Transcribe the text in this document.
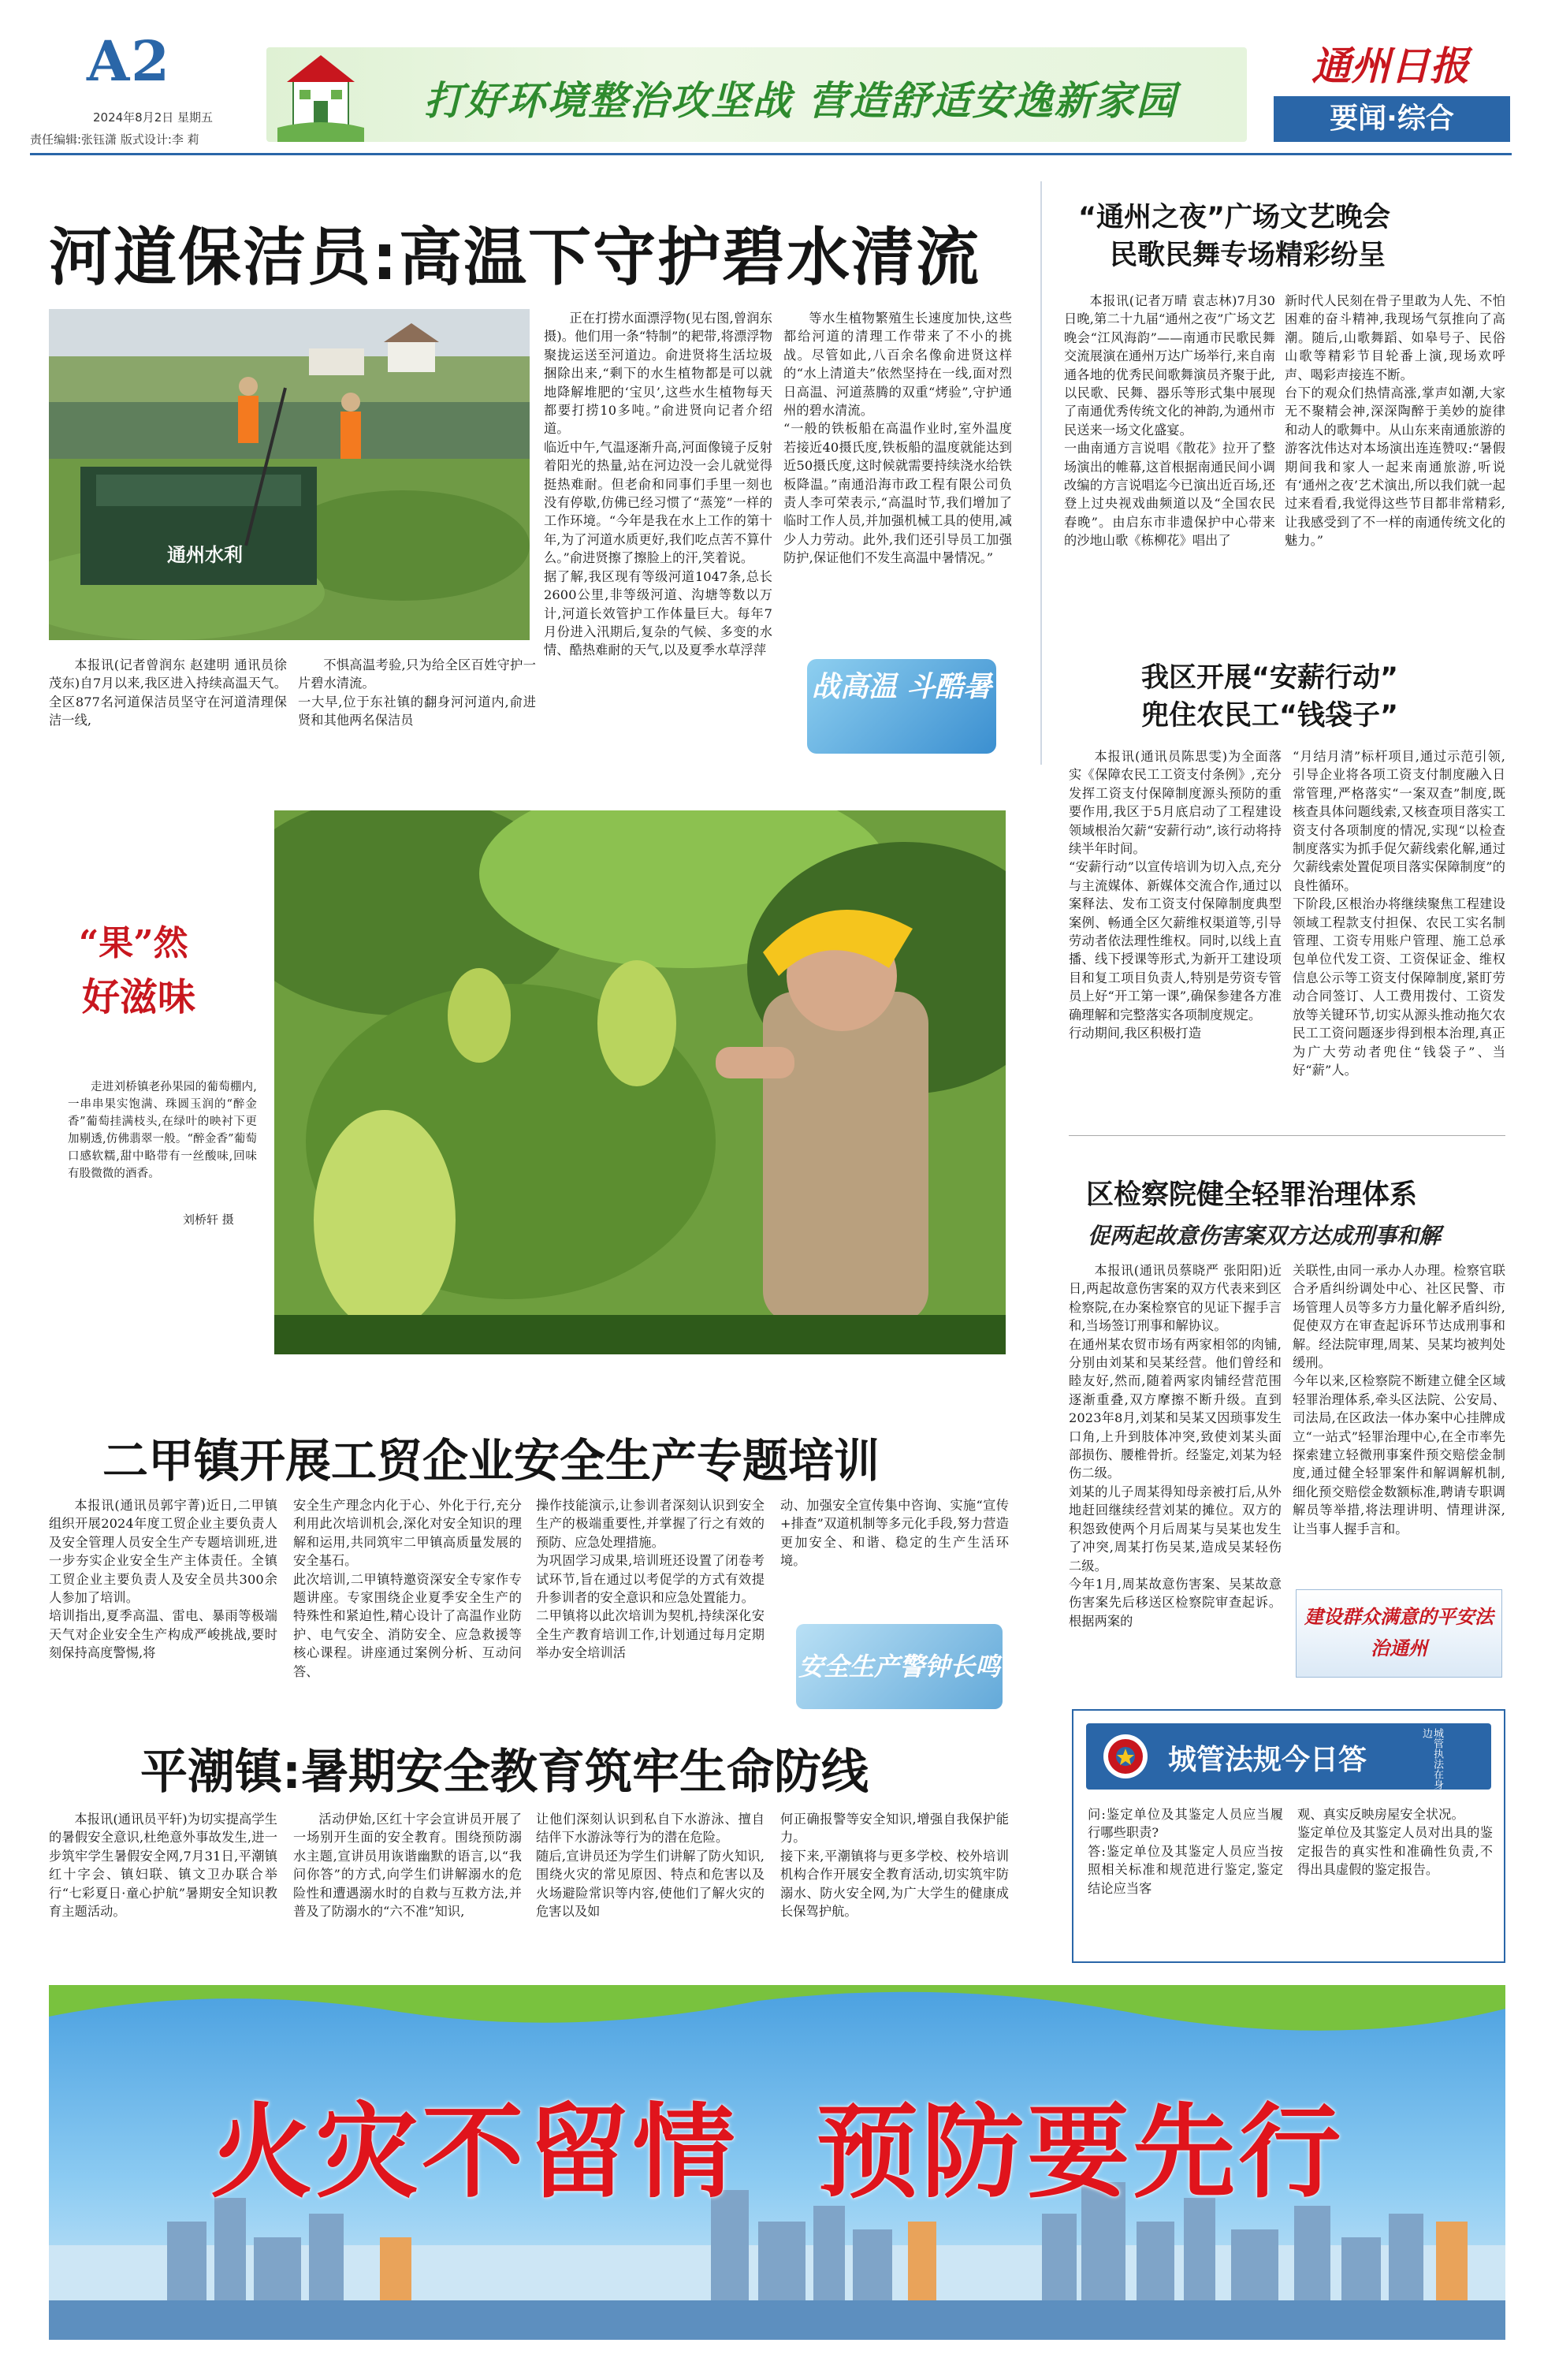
A2
2024年8月2日 星期五
责任编辑:张钰潇 版式设计:李 莉
打好环境整治攻坚战 营造舒适安逸新家园
通州日报
要闻·综合
河道保洁员:高温下守护碧水清流
通州水利
本报讯(记者曾润东 赵建明 通讯员徐茂东)自7月以来,我区进入持续高温天气。全区877名河道保洁员坚守在河道清理保洁一线,
不惧高温考验,只为给全区百姓守护一片碧水清流。
一大早,位于东社镇的翻身河河道内,俞进贤和其他两名保洁员
正在打捞水面漂浮物(见右图,曾润东 摄)。他们用一条“特制”的耙带,将漂浮物聚拢运送至河道边。俞进贤将生活垃圾捆除出来,“剩下的水生植物都是可以就地降解堆肥的‘宝贝’,这些水生植物每天都要打捞10多吨。”俞进贤向记者介绍道。
临近中午,气温逐渐升高,河面像镜子反射着阳光的热量,站在河边没一会儿就觉得挺热难耐。但老俞和同事们手里一刻也没有停歇,仿佛已经习惯了“蒸笼”一样的工作环境。“今年是我在水上工作的第十年,为了河道水质更好,我们吃点苦不算什么。”俞进贤擦了擦脸上的汗,笑着说。
据了解,我区现有等级河道1047条,总长2600公里,非等级河道、沟塘等数以万计,河道长效管护工作体量巨大。每年7月份进入汛期后,复杂的气候、多变的水情、酷热难耐的天气,以及夏季水草浮萍
等水生植物繁殖生长速度加快,这些都给河道的清理工作带来了不小的挑战。尽管如此,八百余名像俞进贤这样的“水上清道夫”依然坚持在一线,面对烈日高温、河道蒸腾的双重“烤验”,守护通州的碧水清流。
“一般的铁板船在高温作业时,室外温度若接近40摄氏度,铁板船的温度就能达到近50摄氏度,这时候就需要持续浇水给铁板降温。”南通沿海市政工程有限公司负责人李可荣表示,“高温时节,我们增加了临时工作人员,并加强机械工具的使用,减少人力劳动。此外,我们还引导员工加强防护,保证他们不发生高温中暑情况。”
战高温 斗酷暑
“通州之夜”广场文艺晚会
民歌民舞专场精彩纷呈
本报讯(记者万晴 袁志林)7月30日晚,第二十九届“通州之夜”广场文艺晚会“江风海韵”——南通市民歌民舞交流展演在通州万达广场举行,来自南通各地的优秀民间歌舞演员齐聚于此,以民歌、民舞、器乐等形式集中展现了南通优秀传统文化的神韵,为通州市民送来一场文化盛宴。
一曲南通方言说唱《散花》拉开了整场演出的帷幕,这首根据南通民间小调改编的方言说唱迄今已演出近百场,还登上过央视戏曲频道以及“全国农民春晚”。由启东市非遗保护中心带来的沙地山歌《栋柳花》唱出了
新时代人民刻在骨子里敢为人先、不怕困难的奋斗精神,我现场气氛推向了高潮。随后,山歌舞蹈、如皋号子、民俗山歌等精彩节目轮番上演,现场欢呼声、喝彩声接连不断。
台下的观众们热情高涨,掌声如潮,大家无不聚精会神,深深陶醉于美妙的旋律和动人的歌舞中。从山东来南通旅游的游客沈伟达对本场演出连连赞叹:“暑假期间我和家人一起来南通旅游,听说有‘通州之夜’艺术演出,所以我们就一起过来看看,我觉得这些节目都非常精彩,让我感受到了不一样的南通传统文化的魅力。”
“果”然
好滋味
走进刘桥镇老孙果园的葡萄棚内,一串串果实饱满、珠圆玉润的“醉金香”葡萄挂满枝头,在绿叶的映衬下更加剔透,仿佛翡翠一般。“醉金香”葡萄口感软糯,甜中略带有一丝酸味,回味有股微微的酒香。
刘桥轩 摄
我区开展“安薪行动”
兜住农民工“钱袋子”
本报讯(通讯员陈思雯)为全面落实《保障农民工工资支付条例》,充分发挥工资支付保障制度源头预防的重要作用,我区于5月底启动了工程建设领域根治欠薪“安薪行动”,该行动将持续半年时间。
“安薪行动”以宣传培训为切入点,充分与主流媒体、新媒体交流合作,通过以案释法、发布工资支付保障制度典型案例、畅通全区欠薪维权渠道等,引导劳动者依法理性维权。同时,以线上直播、线下授课等形式,为新开工建设项目和复工项目负责人,特别是劳资专管员上好“开工第一课”,确保参建各方准确理解和完整落实各项制度规定。
行动期间,我区积极打造
“月结月清”标杆项目,通过示范引领,引导企业将各项工资支付制度融入日常管理,严格落实“一案双查”制度,既核查具体问题线索,又核查项目落实工资支付各项制度的情况,实现“以检查制度落实为抓手促欠薪线索化解,通过欠薪线索处置促项目落实保障制度”的良性循环。
下阶段,区根治办将继续聚焦工程建设领域工程款支付担保、农民工实名制管理、工资专用账户管理、施工总承包单位代发工资、工资保证金、维权信息公示等工资支付保障制度,紧盯劳动合同签订、人工费用拨付、工资发放等关键环节,切实从源头推动拖欠农民工工资问题逐步得到根本治理,真正为广大劳动者兜住“钱袋子”、当好“薪”人。
区检察院健全轻罪治理体系
促两起故意伤害案双方达成刑事和解
本报讯(通讯员蔡晓严 张阳阳)近日,两起故意伤害案的双方代表来到区检察院,在办案检察官的见证下握手言和,当场签订刑事和解协议。
在通州某农贸市场有两家相邻的肉铺,分别由刘某和吴某经营。他们曾经和睦友好,然而,随着两家肉铺经营范围逐渐重叠,双方摩擦不断升级。直到2023年8月,刘某和吴某又因琐事发生口角,上升到肢体冲突,致使刘某头面部损伤、腰椎骨折。经鉴定,刘某为轻伤二级。
刘某的儿子周某得知母亲被打后,从外地赶回继续经营刘某的摊位。双方的积怨致使两个月后周某与吴某也发生了冲突,周某打伤吴某,造成吴某轻伤二级。
今年1月,周某故意伤害案、吴某故意伤害案先后移送区检察院审查起诉。根据两案的
关联性,由同一承办人办理。检察官联合矛盾纠纷调处中心、社区民警、市场管理人员等多方力量化解矛盾纠纷,促使双方在审查起诉环节达成刑事和解。经法院审理,周某、吴某均被判处缓刑。
今年以来,区检察院不断建立健全区域轻罪治理体系,牵头区法院、公安局、司法局,在区政法一体办案中心挂牌成立“一站式”轻罪治理中心,在全市率先探索建立轻微刑事案件预交赔偿金制度,通过健全轻罪案件和解调解机制,细化预交赔偿金数额标准,聘请专职调解员等举措,将法理讲明、情理讲深,让当事人握手言和。
建设群众满意的平安法治通州
二甲镇开展工贸企业安全生产专题培训
本报讯(通讯员郭宇菁)近日,二甲镇组织开展2024年度工贸企业主要负责人及安全管理人员安全生产专题培训班,进一步夯实企业安全生产主体责任。全镇工贸企业主要负责人及安全员共300余人参加了培训。
培训指出,夏季高温、雷电、暴雨等极端天气对企业安全生产构成严峻挑战,要时刻保持高度警惕,将
安全生产理念内化于心、外化于行,充分利用此次培训机会,深化对安全知识的理解和运用,共同筑牢二甲镇高质量发展的安全基石。
此次培训,二甲镇特邀资深安全专家作专题讲座。专家围绕企业夏季安全生产的特殊性和紧迫性,精心设计了高温作业防护、电气安全、消防安全、应急救援等核心课程。讲座通过案例分析、互动问答、
操作技能演示,让参训者深刻认识到安全生产的极端重要性,并掌握了行之有效的预防、应急处理措施。
为巩固学习成果,培训班还设置了闭卷考试环节,旨在通过以考促学的方式有效提升参训者的安全意识和应急处置能力。
二甲镇将以此次培训为契机,持续深化安全生产教育培训工作,计划通过每月定期举办安全培训活
动、加强安全宣传集中咨询、实施“宣传+排查”双道机制等多元化手段,努力营造更加安全、和谐、稳定的生产生活环境。
安全生产警钟长鸣
平潮镇:暑期安全教育筑牢生命防线
本报讯(通讯员平轩)为切实提高学生的暑假安全意识,杜绝意外事故发生,进一步筑牢学生暑假安全网,7月31日,平潮镇红十字会、镇妇联、镇文卫办联合举行“七彩夏日·童心护航”暑期安全知识教育主题活动。
活动伊始,区红十字会宣讲员开展了一场别开生面的安全教育。围绕预防溺水主题,宣讲员用诙谐幽默的语言,以“我问你答”的方式,向学生们讲解溺水的危险性和遭遇溺水时的自救与互救方法,并普及了防溺水的“六不准”知识,
让他们深刻认识到私自下水游泳、擅自结伴下水游泳等行为的潜在危险。
随后,宣讲员还为学生们讲解了防火知识,围绕火灾的常见原因、特点和危害以及火场避险常识等内容,使他们了解火灾的危害以及如
何正确报警等安全知识,增强自我保护能力。
接下来,平潮镇将与更多学校、校外培训机构合作开展安全教育活动,切实筑牢防溺水、防火安全网,为广大学生的健康成长保驾护航。
城管法规今日答	城管执法在身边
问:鉴定单位及其鉴定人员应当履行哪些职责?
答:鉴定单位及其鉴定人员应当按照相关标准和规范进行鉴定,鉴定结论应当客
观、真实反映房屋安全状况。
鉴定单位及其鉴定人员对出具的鉴定报告的真实性和准确性负责,不得出具虚假的鉴定报告。
火灾不留情  预防要先行
